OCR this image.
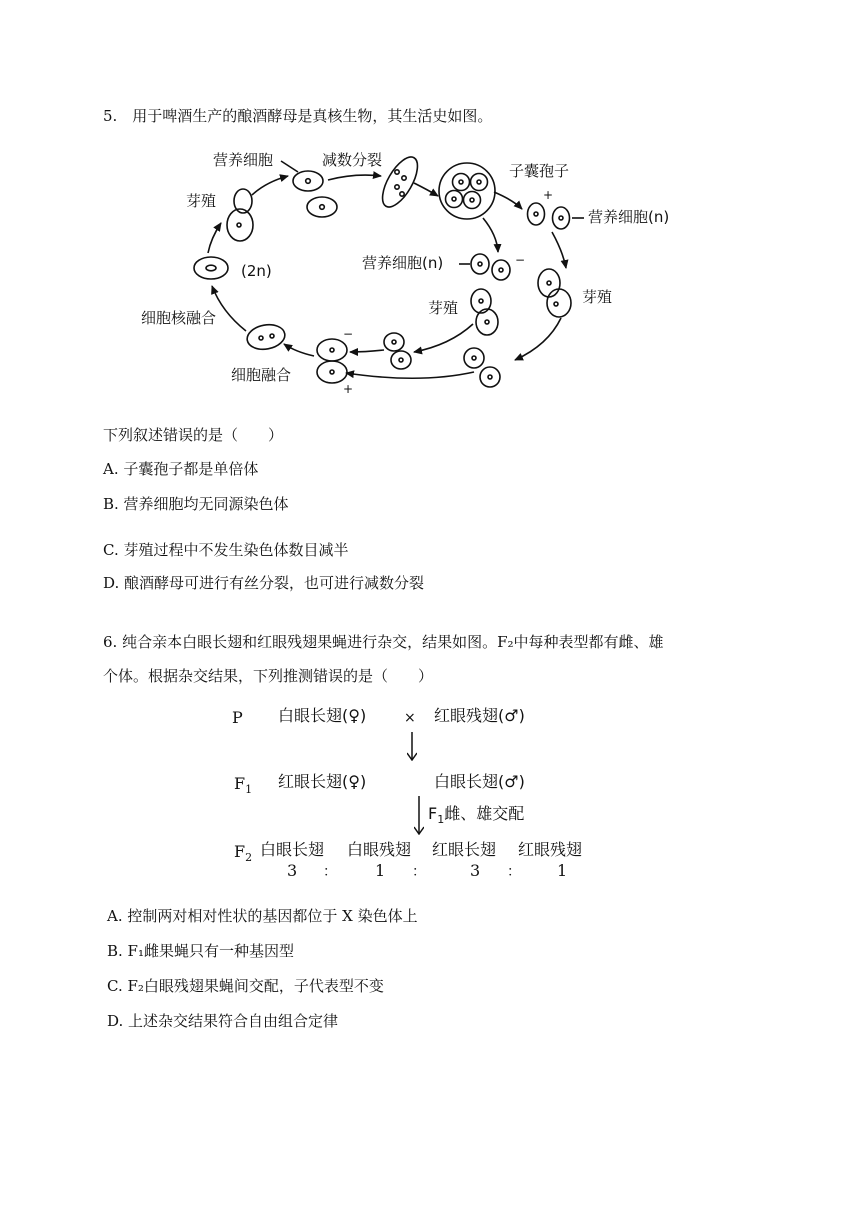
5.　用于啤酒生产的酿酒酵母是真核生物，其生活史如图。
营养细胞	减数分裂
子囊孢子
营养细胞(n)
芽殖
(2n)	营养细胞(n)
芽殖
芽殖
细胞核融合
细胞融合
+
−
−
+
下列叙述错误的是（　　）
A. 子囊孢子都是单倍体
B. 营养细胞均无同源染色体
C. 芽殖过程中不发生染色体数目减半
D. 酿酒酵母可进行有丝分裂，也可进行减数分裂
6. 纯合亲本白眼长翅和红眼残翅果蝇进行杂交，结果如图。F₂中每种表型都有雌、雄
个体。根据杂交结果，下列推测错误的是（　　）
P 白眼长翅(♀)	× 红眼残翅(♂)
$F_1$ 红眼长翅(♀)	白眼长翅(♂)
$F_1$雌、雄交配
$F_2$ 白眼长翅 白眼残翅 红眼长翅 红眼残翅
3 ： 1 ：	3 ： 1
A. 控制两对相对性状的基因都位于 X 染色体上
B. F₁雌果蝇只有一种基因型
C. F₂白眼残翅果蝇间交配，子代表型不变
D. 上述杂交结果符合自由组合定律
